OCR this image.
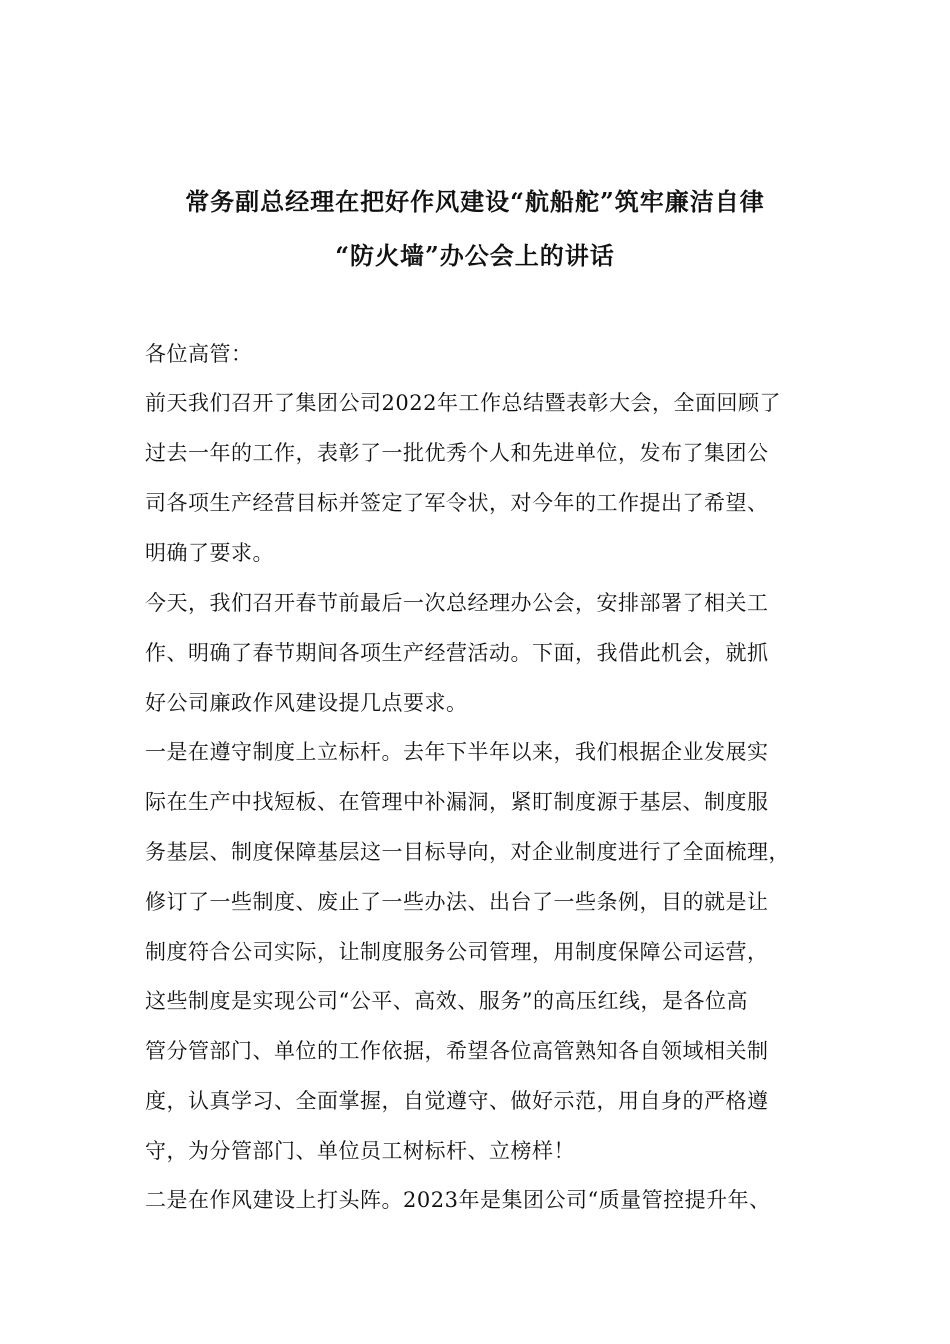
常务副总经理在把好作风建设“航船舵”筑牢廉洁自律
“防火墙”办公会上的讲话
各位高管：
前天我们召开了集团公司2022年工作总结暨表彰大会，全面回顾了
过去一年的工作，表彰了一批优秀个人和先进单位，发布了集团公
司各项生产经营目标并签定了军令状，对今年的工作提出了希望、
明确了要求。
今天，我们召开春节前最后一次总经理办公会，安排部署了相关工
作、明确了春节期间各项生产经营活动。下面，我借此机会，就抓
好公司廉政作风建设提几点要求。
一是在遵守制度上立标杆。去年下半年以来，我们根据企业发展实
际在生产中找短板、在管理中补漏洞，紧盯制度源于基层、制度服
务基层、制度保障基层这一目标导向，对企业制度进行了全面梳理，
修订了一些制度、废止了一些办法、出台了一些条例，目的就是让
制度符合公司实际，让制度服务公司管理，用制度保障公司运营，
这些制度是实现公司“公平、高效、服务”的高压红线，是各位高
管分管部门、单位的工作依据，希望各位高管熟知各自领域相关制
度，认真学习、全面掌握，自觉遵守、做好示范，用自身的严格遵
守，为分管部门、单位员工树标杆、立榜样！
二是在作风建设上打头阵。2023年是集团公司“质量管控提升年、
